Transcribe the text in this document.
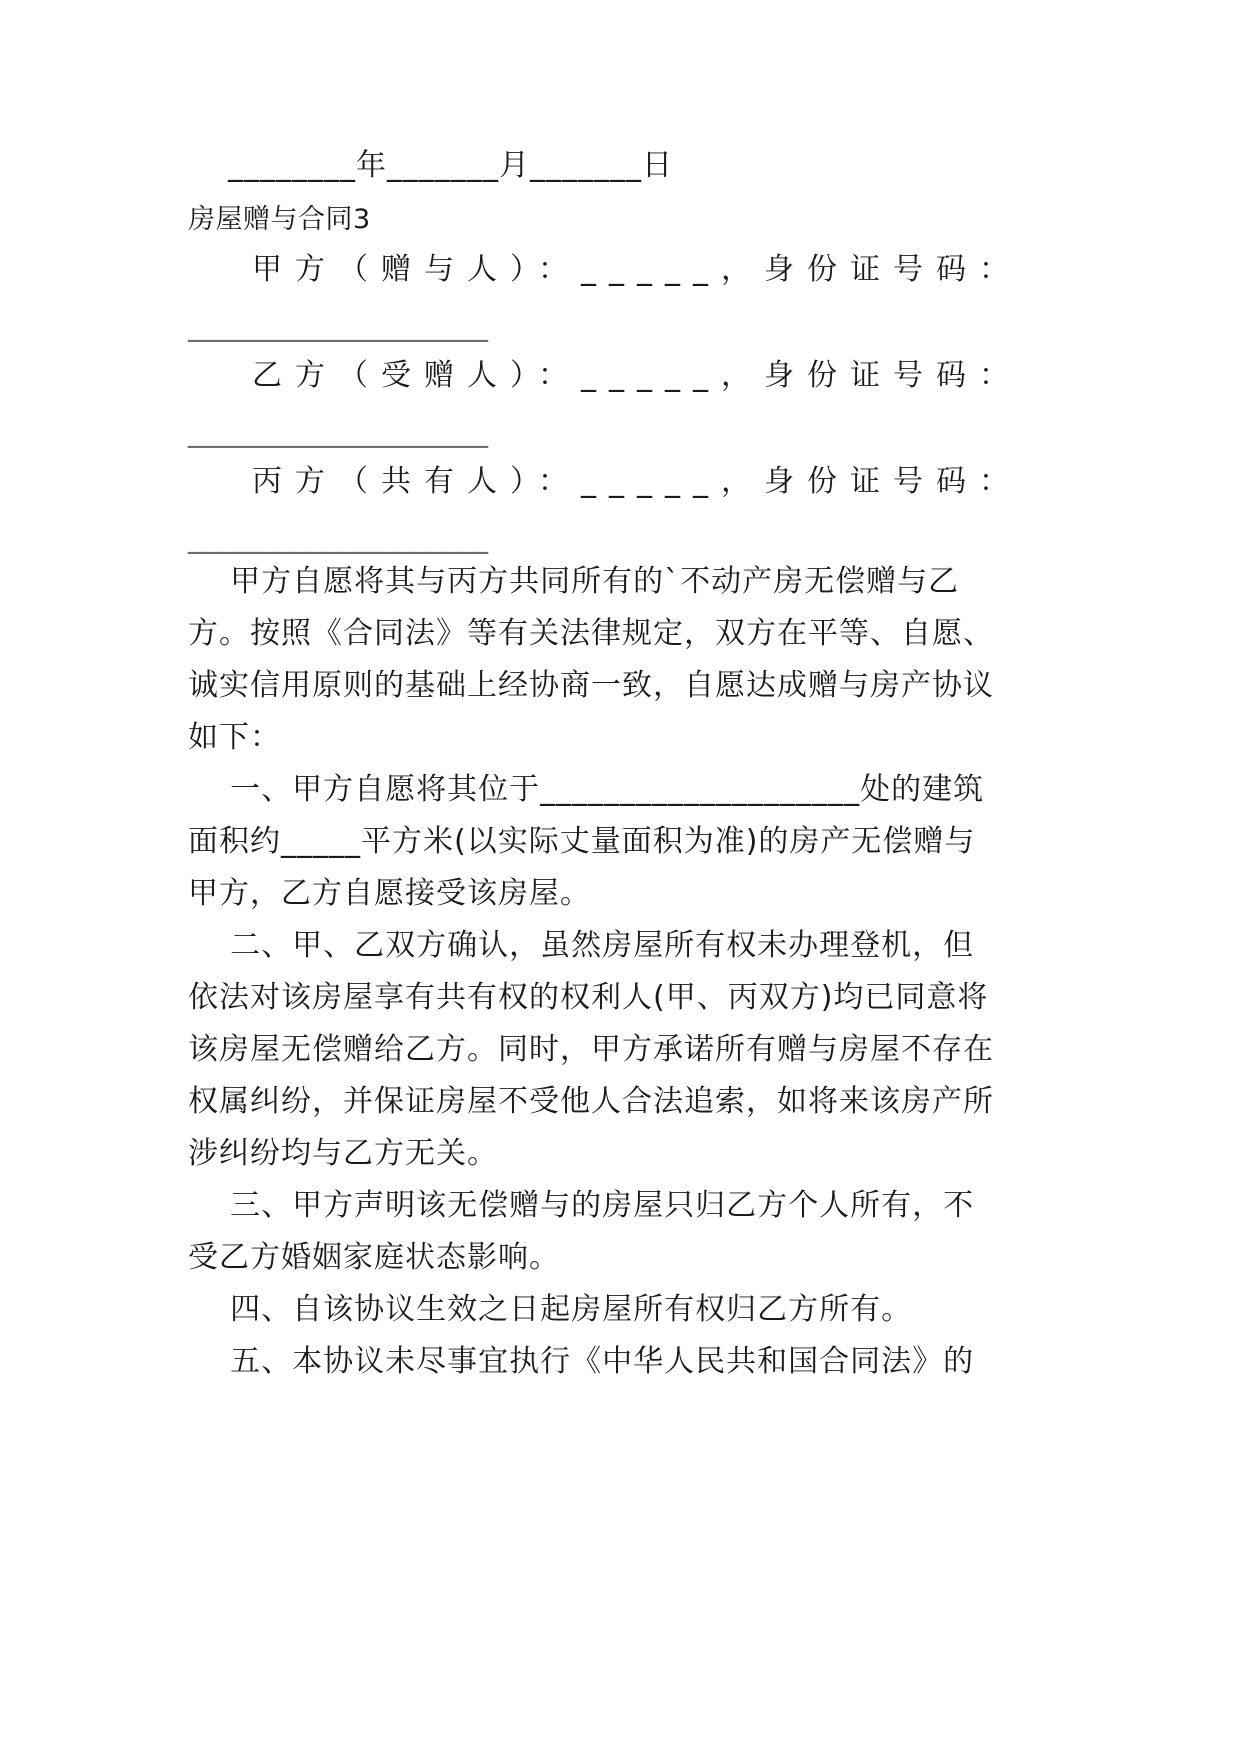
________年_______月_______日
房屋赠与合同3
甲方（赠与人）：_____，身份证号码：
____________________
乙方（受赠人）：_____，身份证号码：
____________________
丙方（共有人）：_____，身份证号码：
____________________
甲方自愿将其与丙方共同所有的`不动产房无偿赠与乙
方。按照《合同法》等有关法律规定，双方在平等、自愿、
诚实信用原则的基础上经协商一致，自愿达成赠与房产协议
如下：
一、甲方自愿将其位于____________________处的建筑
面积约_____平方米(以实际丈量面积为准)的房产无偿赠与
甲方，乙方自愿接受该房屋。
二、甲、乙双方确认，虽然房屋所有权未办理登机，但
依法对该房屋享有共有权的权利人(甲、丙双方)均已同意将
该房屋无偿赠给乙方。同时，甲方承诺所有赠与房屋不存在
权属纠纷，并保证房屋不受他人合法追索，如将来该房产所
涉纠纷均与乙方无关。
三、甲方声明该无偿赠与的房屋只归乙方个人所有，不
受乙方婚姻家庭状态影响。
四、自该协议生效之日起房屋所有权归乙方所有。
五、本协议未尽事宜执行《中华人民共和国合同法》的
